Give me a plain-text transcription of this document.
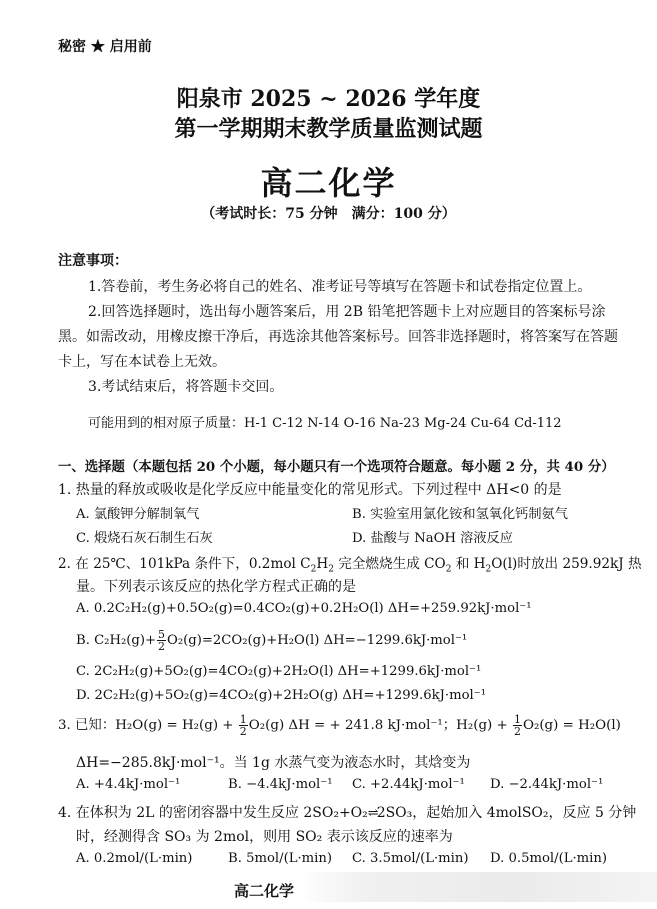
秘密 ★ 启用前
阳泉市 2025 ~ 2026 学年度
第一学期期末教学质量监测试题
高二化学
（考试时长：75 分钟　满分：100 分）
注意事项：
1.答卷前，考生务必将自己的姓名、准考证号等填写在答题卡和试卷指定位置上。
2.回答选择题时，选出每小题答案后，用 2B 铅笔把答题卡上对应题目的答案标号涂
黑。如需改动，用橡皮擦干净后，再选涂其他答案标号。回答非选择题时，将答案写在答题
卡上，写在本试卷上无效。
3.考试结束后，将答题卡交回。
可能用到的相对原子质量：H-1 C-12 N-14 O-16 Na-23 Mg-24 Cu-64 Cd-112
一、选择题（本题包括 20 个小题，每小题只有一个选项符合题意。每小题 2 分，共 40 分）
1. 热量的释放或吸收是化学反应中能量变化的常见形式。下列过程中 ΔH<0 的是
A. 氯酸钾分解制氧气	B. 实验室用氯化铵和氢氧化钙制氨气
C. 煅烧石灰石制生石灰	D. 盐酸与 NaOH 溶液反应
2. 在 25℃、101kPa 条件下，0.2mol $C_2H_2$ 完全燃烧生成 $CO_2$ 和 $H_2O(l)$时放出 259.92kJ 热
量。下列表示该反应的热化学方程式正确的是
A. 0.2C₂H₂(g)+0.5O₂(g)=0.4CO₂(g)+0.2H₂O(l) ΔH=+259.92kJ·mol⁻¹
B. $C_2H_2(g)+ \frac{5}{2} O_2(g)=2CO_2(g)+H_2O(l)$ ΔH=−1299.6kJ·mol⁻¹
C. 2C₂H₂(g)+5O₂(g)=4CO₂(g)+2H₂O(l) ΔH=+1299.6kJ·mol⁻¹
D. 2C₂H₂(g)+5O₂(g)=4CO₂(g)+2H₂O(g) ΔH=+1299.6kJ·mol⁻¹
3. 已知：$H_2O(g) = H_2(g) + \frac{1}{2} O_2(g) \Delta H$ = + 241.8 kJ·mol⁻¹；$H_2(g) + \frac{1}{2} O_2(g) = H_2O(l)$
ΔH=−285.8kJ·mol⁻¹。当 1g 水蒸气变为液态水时，其焓变为
A. +4.4kJ·mol⁻¹	B. −4.4kJ·mol⁻¹ C. +2.44kJ·mol⁻¹ D. −2.44kJ·mol⁻¹
4. 在体积为 2L 的密闭容器中发生反应 2SO₂+O₂⇌2SO₃，起始加入 4molSO₂，反应 5 分钟
时，经测得含 SO₃ 为 2mol，则用 SO₂ 表示该反应的速率为
A. 0.2mol/(L·min)	B. 5mol/(L·min) C. 3.5mol/(L·min) D. 0.5mol/(L·min)
高二化学
